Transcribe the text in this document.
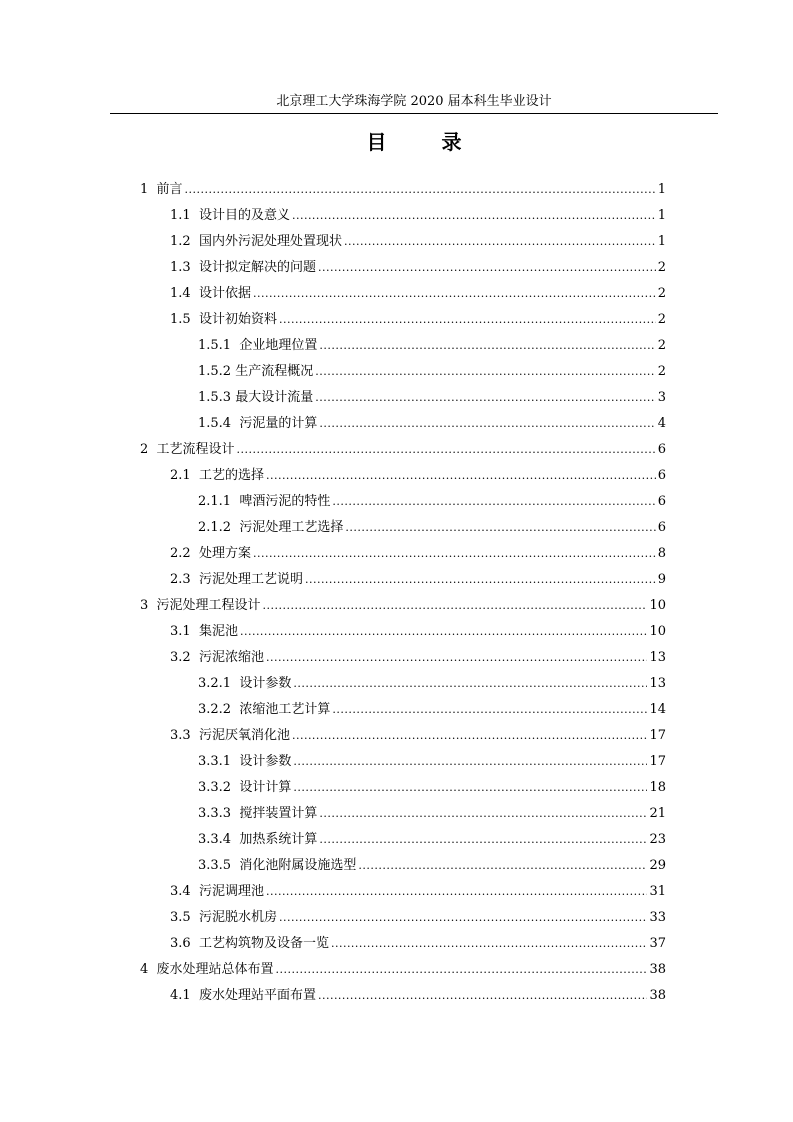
北京理工大学珠海学院 2020 届本科生毕业设计
目 录
1  前言 .....	1
1.1  设计目的及意义 .....	1
1.2  国内外污泥处理处置现状 .....	1
1.3  设计拟定解决的问题 .....	2
1.4  设计依据 .....	2
1.5  设计初始资料 .....	2
1.5.1  企业地理位置 .....	2
1.5.2 生产流程概况 .....	2
1.5.3 最大设计流量 .....	3
1.5.4  污泥量的计算 .....	4
2  工艺流程设计 .....	6
2.1  工艺的选择 .....	6
2.1.1  啤酒污泥的特性 .....	6
2.1.2  污泥处理工艺选择 .....	6
2.2  处理方案 .....	8
2.3  污泥处理工艺说明 .....	9
3  污泥处理工程设计 .....	10
3.1  集泥池 .....	10
3.2  污泥浓缩池 .....	13
3.2.1  设计参数 .....	13
3.2.2  浓缩池工艺计算 .....	14
3.3  污泥厌氧消化池 .....	17
3.3.1  设计参数 .....	17
3.3.2  设计计算 .....	18
3.3.3  搅拌装置计算 .....	21
3.3.4  加热系统计算 .....	23
3.3.5  消化池附属设施选型 .....	29
3.4  污泥调理池 .....	31
3.5  污泥脱水机房 .....	33
3.6  工艺构筑物及设备一览 .....	37
4  废水处理站总体布置 .....	38
4.1  废水处理站平面布置 .....	38
